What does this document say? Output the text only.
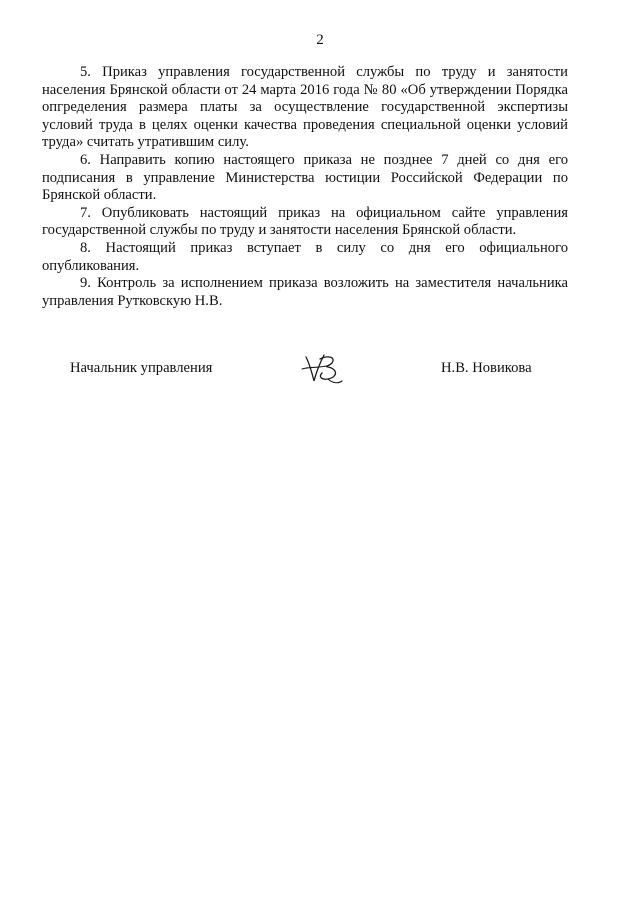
2

5. Приказ управления государственной службы по труду и занятости населения Брянской области от 24 марта 2016 года № 80 «Об утверждении Порядка опгределения размера платы за осуществление государственной экспертизы условий труда в целях оценки качества проведения специальной оценки условий труда» считать утратившим силу.

6. Направить копию настоящего приказа не позднее 7 дней со дня его подписания в управление Министерства юстиции Российской Федерации по Брянской области.

7. Опубликовать настоящий приказ на официальном сайте управления государственной службы по труду и занятости населения Брянской области.

8. Настоящий приказ вступает в силу со дня его официального опубликования.

9. Контроль за исполнением приказа возложить на заместителя начальника управления Рутковскую Н.В.

Начальник управления	Н.В. Новикова
